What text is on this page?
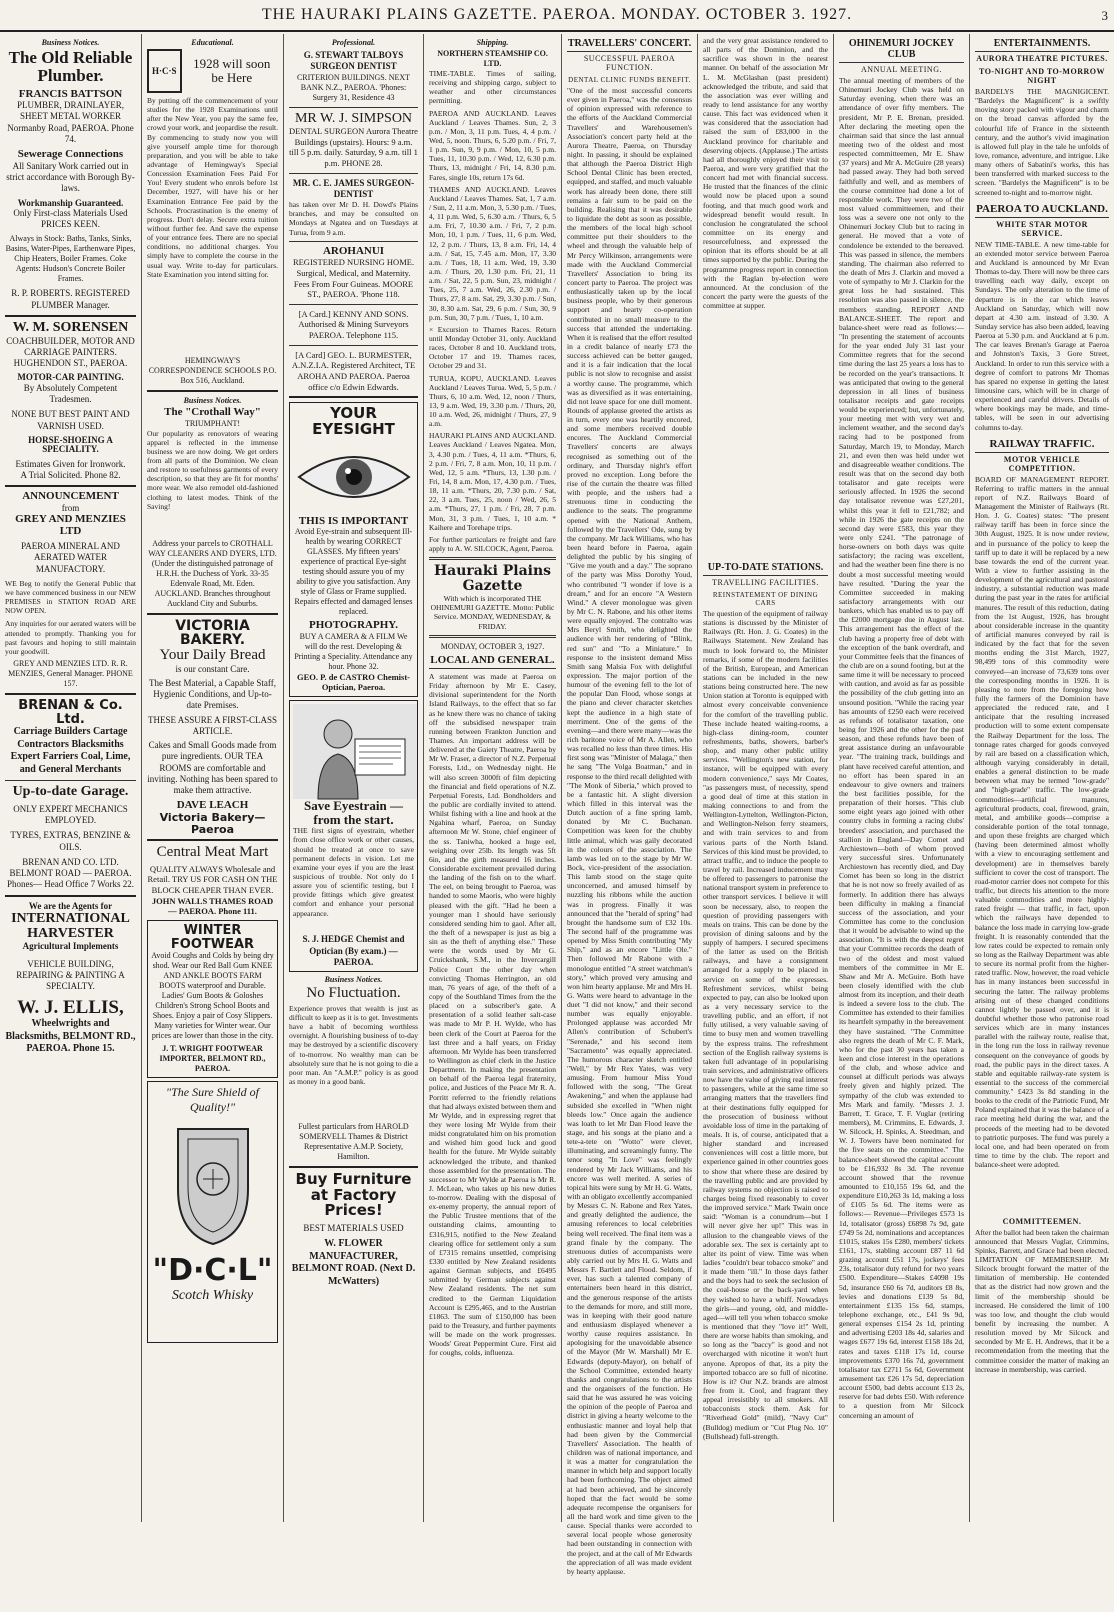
THE HAURAKI PLAINS GAZETTE. PAEROA. MONDAY. OCTOBER 3. 1927.	3
Business Notices.
The Old Reliable Plumber.
FRANCIS BATTSON
PLUMBER, DRAINLAYER, SHEET METAL WORKER
Normanby Road, PAEROA. Phone 74.
Sewerage Connections
All Sanitary Work carried out in strict accordance with Borough By-laws.
Workmanship Guaranteed.
Only First-class Materials Used PRICES KEEN.
Always in Stock: Baths, Tanks, Sinks, Basins, Water-Pipes, Earthenware Pipes, Chip Heaters, Boiler Frames. Coke Agents: Hudson's Concrete Boiler Frames.
R. P. ROBERTS. REGISTERED PLUMBER Manager.
W. M. SORENSEN
COACHBUILDER, MOTOR AND CARRIAGE PAINTERS. HUGHENDON ST., PAEROA.
MOTOR-CAR PAINTING.
By Absolutely Competent Tradesmen.
NONE BUT BEST PAINT AND VARNISH USED.
HORSE-SHOEING A SPECIALITY.
Estimates Given for Ironwork.
A Trial Solicited. Phone 82.
ANNOUNCEMENT
from
GREY AND MENZIES LTD
PAEROA MINERAL AND AERATED WATER MANUFACTORY.
WE Beg to notify the General Public that we have commenced business in our NEW PREMISES in STATION ROAD ARE NOW OPEN.
Any inquiries for our aerated waters will be attended to promptly. Thanking you for past favours and hoping to still maintain your goodwill.
GREY AND MENZIES LTD. R. R. MENZIES, General Manager. PHONE 157.
BRENAN & Co. Ltd.
Carriage Builders Cartage Contractors Blacksmiths Expert Farriers Coal, Lime, and General Merchants
Up-to-date Garage.
ONLY EXPERT MECHANICS EMPLOYED.
TYRES, EXTRAS, BENZINE & OILS.
BRENAN AND CO. LTD. BELMONT ROAD — PAEROA. Phones— Head Office 7 Works 22.
We are the Agents for
INTERNATIONAL HARVESTER
Agricultural Implements
VEHICLE BUILDING, REPAIRING & PAINTING A SPECIALTY.
W. J. ELLIS,
Wheelwrights and Blacksmiths, BELMONT RD., PAEROA. Phone 15.
Educational.
H·C·S	1928 will soon be Here
By putting off the commencement of your studies for the 1928 Examinations until after the New Year, you pay the same fee, crowd your work, and jeopardise the result. By commencing to study now you will give yourself ample time for thorough preparation, and you will be able to take advantage of Hemingway's Special Concession Examination Fees Paid For You! Every student who enrols before 1st December, 1927, will have his or her Examination Entrance Fee paid by the Schools. Procrastination is the enemy of progress. Don't delay. Secure extra tuition without further fee. And save the expense of your entrance fees. There are no special conditions, no additional charges. You simply have to complete the course in the usual way. Write to-day for particulars. State Examination you intend sitting for.
HEMINGWAY'S CORRESPONDENCE SCHOOLS P.O. Box 516, Auckland.
Business Notices.
The "Crothall Way"
TRIUMPHANT!
Our popularity as renovators of wearing apparel is reflected in the immense business we are now doing. We get orders from all parts of the Dominion. We clean and restore to usefulness garments of every description, so that they are fit for months' more wear. We also remodel old-fashioned clothing to latest modes. Think of the Saving!
Address your parcels to CROTHALL WAY CLEANERS AND DYERS, LTD. (Under the distinguished patronage of H.R.H. the Duchess of York. 33-35 Edenvale Road, Mt. Eden. AUCKLAND. Branches throughout Auckland City and Suburbs.
VICTORIA BAKERY.
Your Daily Bread
is our constant Care.
The Best Material, a Capable Staff, Hygienic Conditions, and Up-to-date Premises.
THESE ASSURE A FIRST-CLASS ARTICLE.
Cakes and Small Goods made from pure ingredients. OUR TEA ROOMS are comfortable and inviting. Nothing has been spared to make them attractive.
DAVE LEACH
Victoria Bakery—Paeroa
Central Meat Mart
QUALITY ALWAYS Wholesale and Retail. TRY US FOR CASH ON THE BLOCK CHEAPER THAN EVER.
JOHN WALLS THAMES ROAD — PAEROA. Phone 111.
WINTER FOOTWEAR
Avoid Coughs and Colds by being dry shod. Wear our Red Ball Gum KNEE AND ANKLE BOOTS FARM BOOTS waterproof and Durable. Ladies' Gum Boots & Goloshes Children's Strong School Boots and Shoes. Enjoy a pair of Cosy Slippers. Many varieties for Winter wear. Our prices are lower than those in the city.
J. T. WRIGHT FOOTWEAR IMPORTER, BELMONT RD., PAEROA.
"The Sure Shield of Quality!"
"D·C·L"
Scotch Whisky
Professional.
G. STEWART TALBOYS SURGEON DENTIST
CRITERION BUILDINGS. NEXT BANK N.Z., PAEROA. 'Phones: Surgery 31, Residence 43
MR W. J. SIMPSON
DENTAL SURGEON Aurora Theatre Buildings (upstairs). Hours: 9 a.m. till 5 p.m. daily. Saturday, 9 a.m. till 1 p.m. PHONE 28.
MR. C. E. JAMES SURGEON-DENTIST
has taken over Mr D. H. Dowd's Plains branches, and may be consulted on Mondays at Ngatea and on Tuesdays at Turua, from 9 a.m.
AROHANUI
REGISTERED NURSING HOME. Surgical, Medical, and Maternity. Fees From Four Guineas. MOORE ST., PAEROA. 'Phone 118.
[A Card.] KENNY AND SONS. Authorised & Mining Surveyors PAEROA. Telephone 115.
[A Card] GEO. L. BURMESTER, A.N.Z.I.A. Registered Architect, TE AROHA AND PAEROA. Paeroa office c/o Edwin Edwards.
YOUR EYESIGHT
THIS IS IMPORTANT
Avoid Eye-strain and subsequent Ill-health by wearing CORRECT GLASSES. My fifteen years' experience of practical Eye-sight testing should assure you of my ability to give you satisfaction. Any style of Glass or Frame supplied. Repairs effected and damaged lenses replaced.
PHOTOGRAPHY.
BUY A CAMERA & A FILM We will do the rest. Developing & Printing a Speciality. Attendance any hour. Phone 32.
GEO. P. de CASTRO Chemist-Optician, Paeroa.
Save Eyestrain —from the start.
THE first signs of eyestrain, whether from close office work or other causes, should be treated at once to save permanent defects in vision. Let me examine your eyes if you are the least suspicious of trouble. Not only do I assure you of scientific testing, but I provide fittings which give greatest comfort and enhance your personal appearance.
S. J. HEDGE Chemist and Optician (By exam.) — PAEROA.
Business Notices.
No Fluctuation.
Experience proves that wealth is just as difficult to keep as it is to get. Investments have a habit of becoming worthless overnight. A flourishing business of to-day may be destroyed by a scientific discovery of to-morrow. No wealthy man can be absolutely sure that he is not going to die a poor man. An "A.M.P." policy is as good as money in a good bank.
Fullest particulars from HAROLD SOMERVELL Thames & District Representative A.M.P. Society, Hamilton.
Buy Furniture at Factory Prices!
BEST MATERIALS USED
W. FLOWER MANUFACTURER, BELMONT ROAD. (Next D. McWatters)
Shipping.
NORTHERN STEAMSHIP CO. LTD.
TIME-TABLE. Times of sailing, receiving and shipping cargo, subject to weather and other circumstances permitting.
PAEROA AND AUCKLAND. Leaves Auckland / Leaves Thames. Sun, 2, 3 p.m. / Mon, 3, 11 p.m. Tues, 4, 4 p.m. / Wed, 5, noon. Thurs, 6, 5.20 p.m. / Fri, 7, 1 p.m. Sun, 9, 9 p.m. / Mon, 10, 5 p.m. Tues, 11, 10.30 p.m. / Wed, 12, 6.30 p.m. Thurs, 13, midnight / Fri, 14, 8.30 p.m. Fares, single 10s, return 17s 6d.
THAMES AND AUCKLAND. Leaves Auckland / Leaves Thames. Sat, 1, 7 a.m. / Sun, 2, 11 a.m. Mon, 3, 5.30 p.m. / Tues, 4, 11 p.m. Wed, 5, 6.30 a.m. / Thurs, 6, 5 a.m. Fri, 7, 10.30 a.m. / Fri, 7, 2 p.m. Mon, 10, 1 p.m. / Tues, 11, 6 p.m. Wed, 12, 2 p.m. / Thurs, 13, 8 a.m. Fri, 14, 4 a.m. / Sat, 15, 7.45 a.m. Mon, 17, 3.30 a.m. / Tues, 18, 11 a.m. Wed, 19, 3.30 a.m. / Thurs, 20, 1.30 p.m. Fri, 21, 11 a.m. / Sat, 22, 5 p.m. Sun, 23, midnight / Tues, 25, 7 a.m. Wed, 26, 2.30 p.m. / Thurs, 27, 8 a.m. Sat, 29, 3.30 p.m. / Sun, 30, 8.30 a.m. Sat, 29, 6 p.m. / Sun, 30, 9 p.m. Sun, 30, 7 p.m. / Tues, 1, 10 a.m.
× Excursion to Thames Races. Return until Monday October 31, only. Auckland races, October 8 and 10. Auckland trots, October 17 and 19. Thames races, October 29 and 31.
TURUA, KOPU, AUCKLAND. Leaves Auckland / Leaves Turua. Wed, 5, 5 p.m. / Thurs, 6, 10 a.m. Wed, 12, noon / Thurs, 13, 9 a.m. Wed, 19, 3.30 p.m. / Thurs, 20, 10 a.m. Wed, 26, midnight / Thurs, 27, 9 a.m.
HAURAKI PLAINS AND AUCKLAND. Leaves Auckland / Leaves Ngatea. Mon, 3, 4.30 p.m. / Tues, 4, 11 a.m. *Thurs, 6, 2 p.m. / Fri, 7, 8 a.m. Mon, 10, 11 p.m. / Wed, 12, 5 a.m. *Thurs, 13, 1.30 p.m. / Fri, 14, 8 a.m. Mon, 17, 4.30 p.m. / Tues, 18, 11 a.m. *Thurs, 20, 7.30 p.m. / Sat, 22, 3 a.m. Tues, 25, noon / Wed, 26, 5 a.m. *Thurs, 27, 1 p.m. / Fri, 28, 7 p.m. Mon, 31, 3 p.m. / Tues, 1, 10 a.m. * Kaihere and Torehape trips.
For further particulars re freight and fare apply to A. W. SILCOCK, Agent, Paeroa.
Hauraki Plains Gazette
With which is incorporated THE OHINEMURI GAZETTE. Motto: Public Service. MONDAY, WEDNESDAY, & FRIDAY.
MONDAY, OCTOBER 3, 1927.
LOCAL AND GENERAL.
A statement was made at Paeroa on Friday afternoon by Mr E. Casey, divisional superintendent for the North Island Railways, to the effect that so far as he knew there was no chance of taking off the subsidised newspaper train running between Frankton Junction and Thames. An important address will be delivered at the Gaiety Theatre, Paeroa by Mr W. Fraser, a director of N.Z. Perpetual Forests, Ltd., on Wednesday night. He will also screen 3000ft of film depicting the financial and field operations of N.Z. Perpetual Forests, Ltd. Bondholders and the public are cordially invited to attend. Whilst fishing with a line and hook at the Ngahina wharf, Paeroa, on Sunday afternoon Mr W. Stone, chief engineer of the ss. Taniwha, hooked a huge eel, weighing over 25lb. Its length was 5ft 6in, and the girth measured 16 inches. Considerable excitement prevailed during the landing of the fish on to the wharf. The eel, on being brought to Paeroa, was handed to some Maoris, who were highly pleased with the gift. "Had he been a younger man I should have seriously considered sending him to gaol. After all, the theft of a newspaper is just as big a sin as the theft of anything else." These were the words used by Mr G. Cruickshank, S.M., in the Invercargill Police Court the other day when convicting Thomas Herrington, an old man, 76 years of age, of the theft of a copy of the Southland Times from the the placed on a subscriber's gate. A presentation of a solid leather salt-case was made to Mr P. H. Wylde, who has been clerk of the Court at Paeroa for the last three and a half years, on Friday afternoon. Mr Wylde has been transferred to Wellington as chief clerk in the Justice Department. In making the presentation on behalf of the Paeroa legal fraternity, police, and Justices of the Peace Mr R. A. Porritt referred to the friendly relations that had always existed between them and Mr Wylde, and in expressing regret that they were losing Mr Wylde from their midst congratulated him on his promotion and wished him good luck and good health for the future. Mr Wylde suitably acknowledged the tribute, and thanked those assembled for the presentation. The successor to Mr Wylde at Paeroa is Mr R. J. McLean, who takes up his new duties to-morrow. Dealing with the disposal of ex-enemy property, the annual report of the Public Trustee mentions that of the outstanding claims, amounting to £316,915, notified to the New Zealand clearing office for settlement only a sum of £7315 remains unsettled, comprising £330 entitled by New Zealand residents against German subjects, and £6495 submitted by German subjects against New Zealand residents. The net sum credited to the German Liquidation Account is £295,465, and to the Austrian £1863. The sum of £150,000 has been paid to the Treasury, and further payments will be made on the work progresses. Woods' Great Peppermint Cure. First aid for coughs, colds, influenza.
TRAVELLERS' CONCERT.
SUCCESSFUL PAEROA FUNCTION.
DENTAL CLINIC FUNDS BENEFIT.
"One of the most successful concerts ever given in Paeroa," was the consensus of opinion expressed with reference to the efforts of the Auckland Commercial Travellers' and Warehousemen's Association's concert party held at the Aurora Theatre, Paeroa, on Thursday night. In passing, it should be explained that although the Paeroa District High School Dental Clinic has been erected, equipped, and staffed, and much valuable work has already been done, there still remains a fair sum to be paid on the building. Realising that it was desirable to liquidate the debt as soon as possible, the members of the local high school committee put their shoulders to the wheel and through the valuable help of Mr Percy Wilkinson, arrangements were made with the Auckland Commercial Travellers' Association to bring its concert party to Paeroa. The project was enthusiastically taken up by the local business people, who by their generous support and hearty co-operation contributed in no small measure to the success that attended the undertaking. When it is realised that the effort resulted in a credit balance of nearly £73 the success achieved can be better gauged, and it is a fair indication that the local public is not slow to recognise and assist a worthy cause. The programme, which was as diversified as it was entertaining, did not leave space for one dull moment. Rounds of applause greeted the artists as in turn, every one was heartily encored, and some members received double encores. The Auckland Commercial Travellers' concerts are always recognised as something out of the ordinary, and Thursday night's effort proved no exception. Long before the rise of the curtain the theatre was filled with people, and the ushers had a strenuous time in conducting the audience to the seats. The programme opened with the National Anthem, followed by the Travellers' Ode, sung by the company. Mr Jack Williams, who has been heard before in Paeroa, again delighted the public by his singing of "Give me youth and a day." The soprano of the party was Miss Dorothy Youd, who contributed "I wonder if love is a dream," and for an encore "A Western Wind." A clever monologue was given by Mr C. N. Rabone, and his other items were equally enjoyed. The contralto was Mrs Beryl Smith, who delighted the audience with her rendering of "Blink, red sun" and "To a Miniature." In response to the insistent demand Miss Smith sang Malsia Fox with delightful expression. The major portion of the humour of the evening fell to the lot of the popular Dan Flood, whose songs at the piano and clever character sketches kept the audience in a high state of merriment. One of the gems of the evening—and there were many—was the rich baritone voice of Mr A. Allen, who was recalled no less than three times. His first song was "Minister of Malaga," then he sang "The Volga Boatman," and in response to the third recall delighted with "The Monk of Siberia," which proved to be a fantastic hit. A slight diversion which filled in this interval was the Dutch auction of a fine spring lamb, donated by Mr C. Buchanan. Competition was keen for the chubby little animal, which was gaily decorated in the colours of the association. The lamb was led on to the stage by Mr W. Bock, vice-president of the association. This lamb stood on the stage quite unconcerned, and amused himself by nuzzling his ribbons while the auction was in progress. Finally it was announced that the "herald of spring" had brought the handsome sum of £32 10s. The second half of the programme was opened by Miss Smith contributing "My Ship," and as an encore "Little Ole." Then followed Mr Rabone with a monologue entitled "A street watchman's story," which proved very amusing and won him hearty applause. Mr and Mrs H. G. Watts were heard to advantage in the duet "I did not know," and their second number was equally enjoyable. Prolonged applause was accorded Mr Allen's contribution of Schubert's "Serenade," and his second item "Sacramento" was equally appreciated. The humorous character sketch entitled "Well," by Mr Rex Yates, was very amusing. From humour Miss Youd followed with the song, "The Great Awakening," and when the applause had subsided she excelled in "When night bleeds low." Once again the audience was loath to let Mr Dan Flood leave the stage, and his songs at the piano and a tete-a-tete on "Wotto" were clever, illuminating, and screamingly funny. The tenor song "In Love" was feelingly rendered by Mr Jack Williams, and his encore was well merited. A series of topical hits were sung by Mr H. G. Watts, with an obligato excellently accompanied by Messrs C. N. Rabone and Rex Yates, and greatly delighted the audience, the amusing references to local celebrities being well received. The final item was a grand finale by the company. The strenuous duties of accompanists were ably carried out by Mrs H. G. Watts and Messrs F. Bartlett and Flood. Seldom, if ever, has such a talented company of entertainers been heard in this district, and the generous response of the artists to the demands for more, and still more, was in keeping with their good nature and enthusiasm displayed whenever a worthy cause requires assistance. In apologising for the unavoidable absence of the Mayor (Mr W. Marshall) Mr E. Edwards (deputy-Mayor), on behalf of the School Committee, extended hearty thanks and congratulations to the artists and the organisers of the function. He said that he was assured he was voicing the opinion of the people of Paeroa and district in giving a hearty welcome to the enthusiastic manner and loyal help that had been given by the Commercial Travellers' Association. The health of children was of national importance, and it was a matter for congratulation the manner in which help and support locally had been forthcoming. The object aimed at had been achieved, and he sincerely hoped that the fact would be some adequate recompense the organisers for all the hard work and time given to the cause. Special thanks were accorded to several local people whose generosity had been outstanding in connection with the project, and at the call of Mr Edwards the appreciation of all was made evident by hearty applause.
and the very great assistance rendered to all parts of the Dominion, and the sacrifice was shown in the nearest manner. On behalf of the association Mr L. M. McGlashan (past president) acknowledged the tribute, and said that the association was ever willing and ready to lend assistance for any worthy cause. This fact was evidenced when it was considered that the association had raised the sum of £83,000 in the Auckland province for charitable and deserving objects. (Applause.) The artists had all thoroughly enjoyed their visit to Paeroa, and were very gratified that the concert had met with financial success. He trusted that the finances of the clinic would now be placed upon a sound footing, and that much good work and widespread benefit would result. In conclusion he congratulated the school committee on its energy and resourcefulness, and expressed the opinion that its efforts should be at all times supported by the public. During the programme progress report in connection with the Raglan by-election were announced. At the conclusion of the concert the party were the guests of the committee at supper.
UP-TO-DATE STATIONS.
TRAVELLING FACILITIES.
REINSTATEMENT OF DINING CARS
The question of the equipment of railway stations is discussed by the Minister of Railways (Rt. Hon. J. G. Coates) in the Railways Statement. New Zealand has much to look forward to, the Minister remarks, if some of the modern facilities of the British, European, and American stations can be included in the new stations being constructed here. The new Union station at Toronto is equipped with almost every conceivable convenience for the comfort of the travelling public. These include heated waiting-rooms, a high-class dining-room, counter refreshments, baths, showers, barber's shop, and many other public utility services. "Wellington's new station, for instance, will be equipped with every modern convenience," says Mr Coates, "as passengers must, of necessity, spend a good deal of time at this station in making connections to and from the Wellington-Lyttelton, Wellington-Picton, and Wellington-Nelson ferry steamers, and with train services to and from various parts of the North Island. Services of this kind must be provided, to attract traffic, and to induce the people to travel by rail. Increased inducement may be offered to passengers to patronise the national transport system in preference to other transport services. I believe it will soon be necessary, also, to reopen the question of providing passengers with meals on trains. This can be done by the provision of dining saloons and by the supply of hampers. I secured specimens of the latter as used on the British railways, and have a consignment arranged for a supply to be placed in service on some of the expresses. Refreshment services, whilst being expected to pay, can also be looked upon as a very necessary service to the travelling public, and an effort, if not fully utilised, a very valuable saving of time to busy men and women travelling by the express trains. The refreshment section of the English railway systems is taken full advantage of in popularising train services, and administrative officers now have the value of giving real interest to passengers, while at the same time so arranging matters that the travellers find at their destinations fully equipped for the prosecution of business without avoidable loss of time in the partaking of meals. It is, of course, anticipated that a higher standard and increased conveniences will cost a little more, but experience gained in other countries goes to show that where these are desired by the travelling public and are provided by railway systems no objection is raised to charges being fixed reasonably to cover the improved service." Mark Twain once said: "Woman is a conundrum—but I will never give her up!" This was in allusion to the changeable views of the adorable sex. The sex is certainly apt to alter its point of view. Time was when ladies "couldn't bear tobacco smoke" and it made them "ill." In those days father and the boys had to seek the seclusion of the coal-house or the back-yard when they wished to have a whiff. Nowadays the girls—and young, old, and middle-aged—will tell you when tobacco smoke is mentioned that they "love it!" Well, there are worse habits than smoking, and so long as the "baccy" is good and not overcharged with nicotine it won't hurt anyone. Apropos of that, its a pity the imported tobacco are so full of nicotine. How is it? Our N.Z. brands are almost free from it. Cool, and fragrant they appeal irresistibly to all smokers. All tobacconists stock them. Ask for "Riverhead Gold" (mild), "Navy Cut" (Bulldog) medium or "Cut Plug No. 10" (Bullshead) full-strength.
OHINEMURI JOCKEY CLUB
ANNUAL MEETING.
The annual meeting of members of the Ohinemuri Jockey Club was held on Saturday evening, when there was an attendance of over fifty members. The president, Mr P. E. Brenan, presided. After declaring the meeting open the chairman said that since the last annual meeting two of the oldest and most respected committeemen, Mr E. Shaw (37 years) and Mr A. McGuire (28 years) had passed away. They had both served faithfully and well, and as members of the course committee had done a lot of responsible work. They were two of the most valued committeemen, and their loss was a severe one not only to the Ohinemuri Jockey Club but to racing in general. He moved that a vote of condolence be extended to the bereaved. This was passed in silence, the members standing. The chairman also referred to the death of Mrs J. Clarkin and moved a vote of sympathy to Mr J. Clarkin for the great loss he had sustained. This resolution was also passed in silence, the members standing. REPORT AND BALANCE-SHEET. The report and balance-sheet were read as follows:— "In presenting the statement of accounts for the year ended July 31 last your Committee regrets that for the second time during the last 25 years a loss has to be recorded on the year's transactions. It was anticipated that owing to the general depression in all lines of business totalisator receipts and gate receipts would be experienced; but, unfortunately, your meeting met with very wet and inclement weather, and the second day's racing had to be postponed from Saturday, March 19, to Monday, March 21, and even then was held under wet and disagreeable weather conditions. The result was that on the second day both totalisator and gate receipts were seriously affected. In 1926 the second day totalisator revenue was £27,201, whilst this year it fell to £21,782; and while in 1926 the gate receipts on the second day were £583, this year they were only £241. "The patronage of horse-owners on both days was quite satisfactory; the racing was excellent, and had the weather been fine there is no doubt a most successful meeting would have resulted. "During the year the Committee succeeded in making satisfactory arrangements with our bankers, which has enabled us to pay off the £2000 mortgage due in August last. This arrangement has the effect of the club having a property free of debt with the exception of the bank overdraft, and your Committee feels that the finances of the club are on a sound footing, but at the same time it will be necessary to proceed with caution, and avoid as far as possible the possibility of the club getting into an unsound position. "While the racing year has amounts of £250 each were received as refunds of totalisator taxation, one being for 1926 and the other for the past season, and these refunds have been of great assistance during an unfavourable year. "The training track, buildings and plant have received careful attention, and no effort has been spared in an endeavour to give owners and trainers the best facilities possible, for the preparation of their horses. "This club some eight years ago joined with other country clubs in forming a racing clubs' breeders' association, and purchased the stallion in England—Day Comet and Archiestown—both of whom proved very successful sires. Unfortunately Archiestown has recently died, and Day Comet has been so long in the district that he is not now so freely availed of as formerly. In addition there has always been difficulty in making a financial success of the association, and your Committee has come to the conclusion that it would be advisable to wind up the association. "It is with the deepest regret that your Committee records the death of two of the oldest and most valued members of the committee in Mr E. Shaw and Mr A. McGuire. Both have been closely identified with the club almost from its inception, and their death is indeed a severe loss to the club. The Committee has extended to their families its heartfelt sympathy in the bereavement they have sustained. "The Committee also regrets the death of Mr C. F. Mark, who for the past 30 years has taken a keen and close interest in the operations of the club, and whose advice and counsel at difficult periods was always freely given and highly prized. The sympathy of the club was extended to Mrs Mark and family. "Messrs J. J. Barrett, T. Grace, T. F. Vuglar (retiring members), M. Crimmins, E. Edwards, J. W. Silcock, H. Spinks, A. Steedman, and W. J. Towers have been nominated for the five seats on the committee." The balance-sheet showed the capital account to be £16,932 8s 3d. The revenue account showed that the revenue amounted to £10,155 19s 6d, and the expenditure £10,263 3s 1d, making a loss of £105 5s 6d. The items were as follows:— Revenue—Privileges £573 1s 1d, totalisator (gross) £6898 7s 9d, gate £749 5s 2d, nominations and acceptances £1015, stakes 15s £280, members' tickets £161, 17s, stabling account £87 11 6d grazing account £51 17s, jockeys' fees 23s, totalisator duty refund for two years £500. Expenditure—Stakes £4098 19s 5d, insurance £60 6s 7d, auditors £8 8s, levies and donations £139 5s 8d, entertainment £135 15s 6d, stamps, telephone exchange, etc., £41 9s 9d, general expenses £154 2s 1d, printing and advertising £203 18s 4d, salaries and wages £677 19s 6d, interest £158 18s 2d, rates and taxes £118 17s 1d, course improvements £370 16s 7d, government totalisator tax £2711 5s 6d, Government amusement tax £26 17s 5d, depreciation account £500, bad debts account £13 2s, reserve for bad debts £50. With reference to a question from Mr Silcock concerning an amount of
ENTERTAINMENTS.
AURORA THEATRE PICTURES.
TO-NIGHT AND TO-MORROW NIGHT
BARDELYS THE MAGNIGICENT. "Bardelys the Magnificent" is a swiftly moving story packed with vigour and charm on the broad canvas afforded by the colourful life of France in the sixteenth century, and the author's vivid imagination is allowed full play in the tale he unfolds of love, romance, adventure, and intrigue. Like many others of Sabatini's works, this has been transferred with marked success to the screen. "Bardelys the Magnificent" is to be screened to-night and to-morrow night.
PAEROA TO AUCKLAND.
WHITE STAR MOTOR SERVICE.
NEW TIME-TABLE. A new time-table for an extended motor service between Paeroa and Auckland is announced by Mr Evan Thomas to-day. There will now be three cars travelling each way daily, except on Sundays. The only alteration to the time of departure is in the car which leaves Auckland on Saturday, which will now depart at 4.30 a.m. instead of 3.30. A Sunday service has also been added, leaving Paeroa at 5.30 p.m. and Auckland at 6 p.m. The car leaves Brenan's Garage at Paeroa and Johnston's Taxis, 3 Gore Street, Auckland. In order to run this service with a degree of comfort to patrons Mr Thomas has spared no expense in getting the latest limousine cars, which will be in charge of experienced and careful drivers. Details of where bookings may be made, and time-tables, will be seen in our advertising columns to-day.
RAILWAY TRAFFIC.
MOTOR VEHICLE COMPETITION.
BOARD OF MANAGEMENT REPORT. Referring to traffic matters in the annual report of N.Z. Railways Board of Management the Minister of Railways (Rt. Hon. J. G. Coates) states: "The present railway tariff has been in force since the 30th August, 1925. It is now under review, and in pursuance of the policy to keep the tariff up to date it will be replaced by a new base towards the end of the current year. With a view to further assisting in the development of the agricultural and pastoral industry, a substantial reduction was made during the past year in the rates for artificial manures. The result of this reduction, dating from the 1st August, 1926, has brought about considerable increase in the quantity of artificial manures conveyed by rail is indicated by the fact that for the seven months ending the 31st March, 1927, 98,499 tons of this commodity were conveyed—an increase of 73,639 tons over the corresponding months in 1926. It is pleasing to note from the foregoing how fully the farmers of the Dominion have appreciated the reduced rate, and I anticipate that the resulting increased production will to some extent compensate the Railway Department for the loss. The tonnage rates charged for goods conveyed by rail are based on a classification which, although varying considerably in detail, enables a general distinction to be made between what may be termed "low-grade" and "high-grade" traffic. The low-grade commodities—artificial manures, agricultural products, coal, firewood, grain, metal, and ambilike goods—comprise a considerable portion of the total tonnage, and upon these freights are charged which (having been determined almost wholly with a view to encouraging settlement and development) are in themselves barely sufficient to cover the cost of transport. The road-motor carrier does not compete for this traffic, but directs his attention to the more valuable commodities and more highly-rated freight — that traffic, in fact, upon which the railways have depended to balance the loss made in carrying low-grade freight. It is reasonably contended that the low rates could be expected to remain only so long as the Railway Department was able to secure its normal profit from the higher-rated traffic. Now, however, the road vehicle has in many instances been successful in securing the latter. The railway problems arising out of these changed conditions cannot lightly be passed over, and it is doubtful whether those who patronise road services which are in many instances parallel with the railway route, realise that, in the long run the loss in railway revenue consequent on the conveyance of goods by road, the public pays in the direct taxes. A stable and equitable railway-rate system is essential to the success of the commercial community." £423 3s 8d standing in the books to the credit of the Patriotic Fund, Mr Poland explained that it was the balance of a race meeting held during the war, and the proceeds of the meeting had to be devoted to patriotic purposes. The fund was purely a local one, and had been operated on from time to time by the club. The report and balance-sheet were adopted.
COMMITTEEMEN.
After the ballot had been taken the chairman announced that Messrs Vuglar, Crimmins, Spinks, Barrett, and Grace had been elected. LIMITATION OF MEMBERSHIP. Mr Silcock brought forward the matter of the limitation of membership. He contended that as the district had now grown and the limit of the membership should be increased. He considered the limit of 100 was too low, and thought the club would benefit by increasing the number. A resolution moved by Mr Silcock and seconded by Mr E. H. Andrews, that it be a recommendation from the meeting that the committee consider the matter of making an increase in membership, was carried.
